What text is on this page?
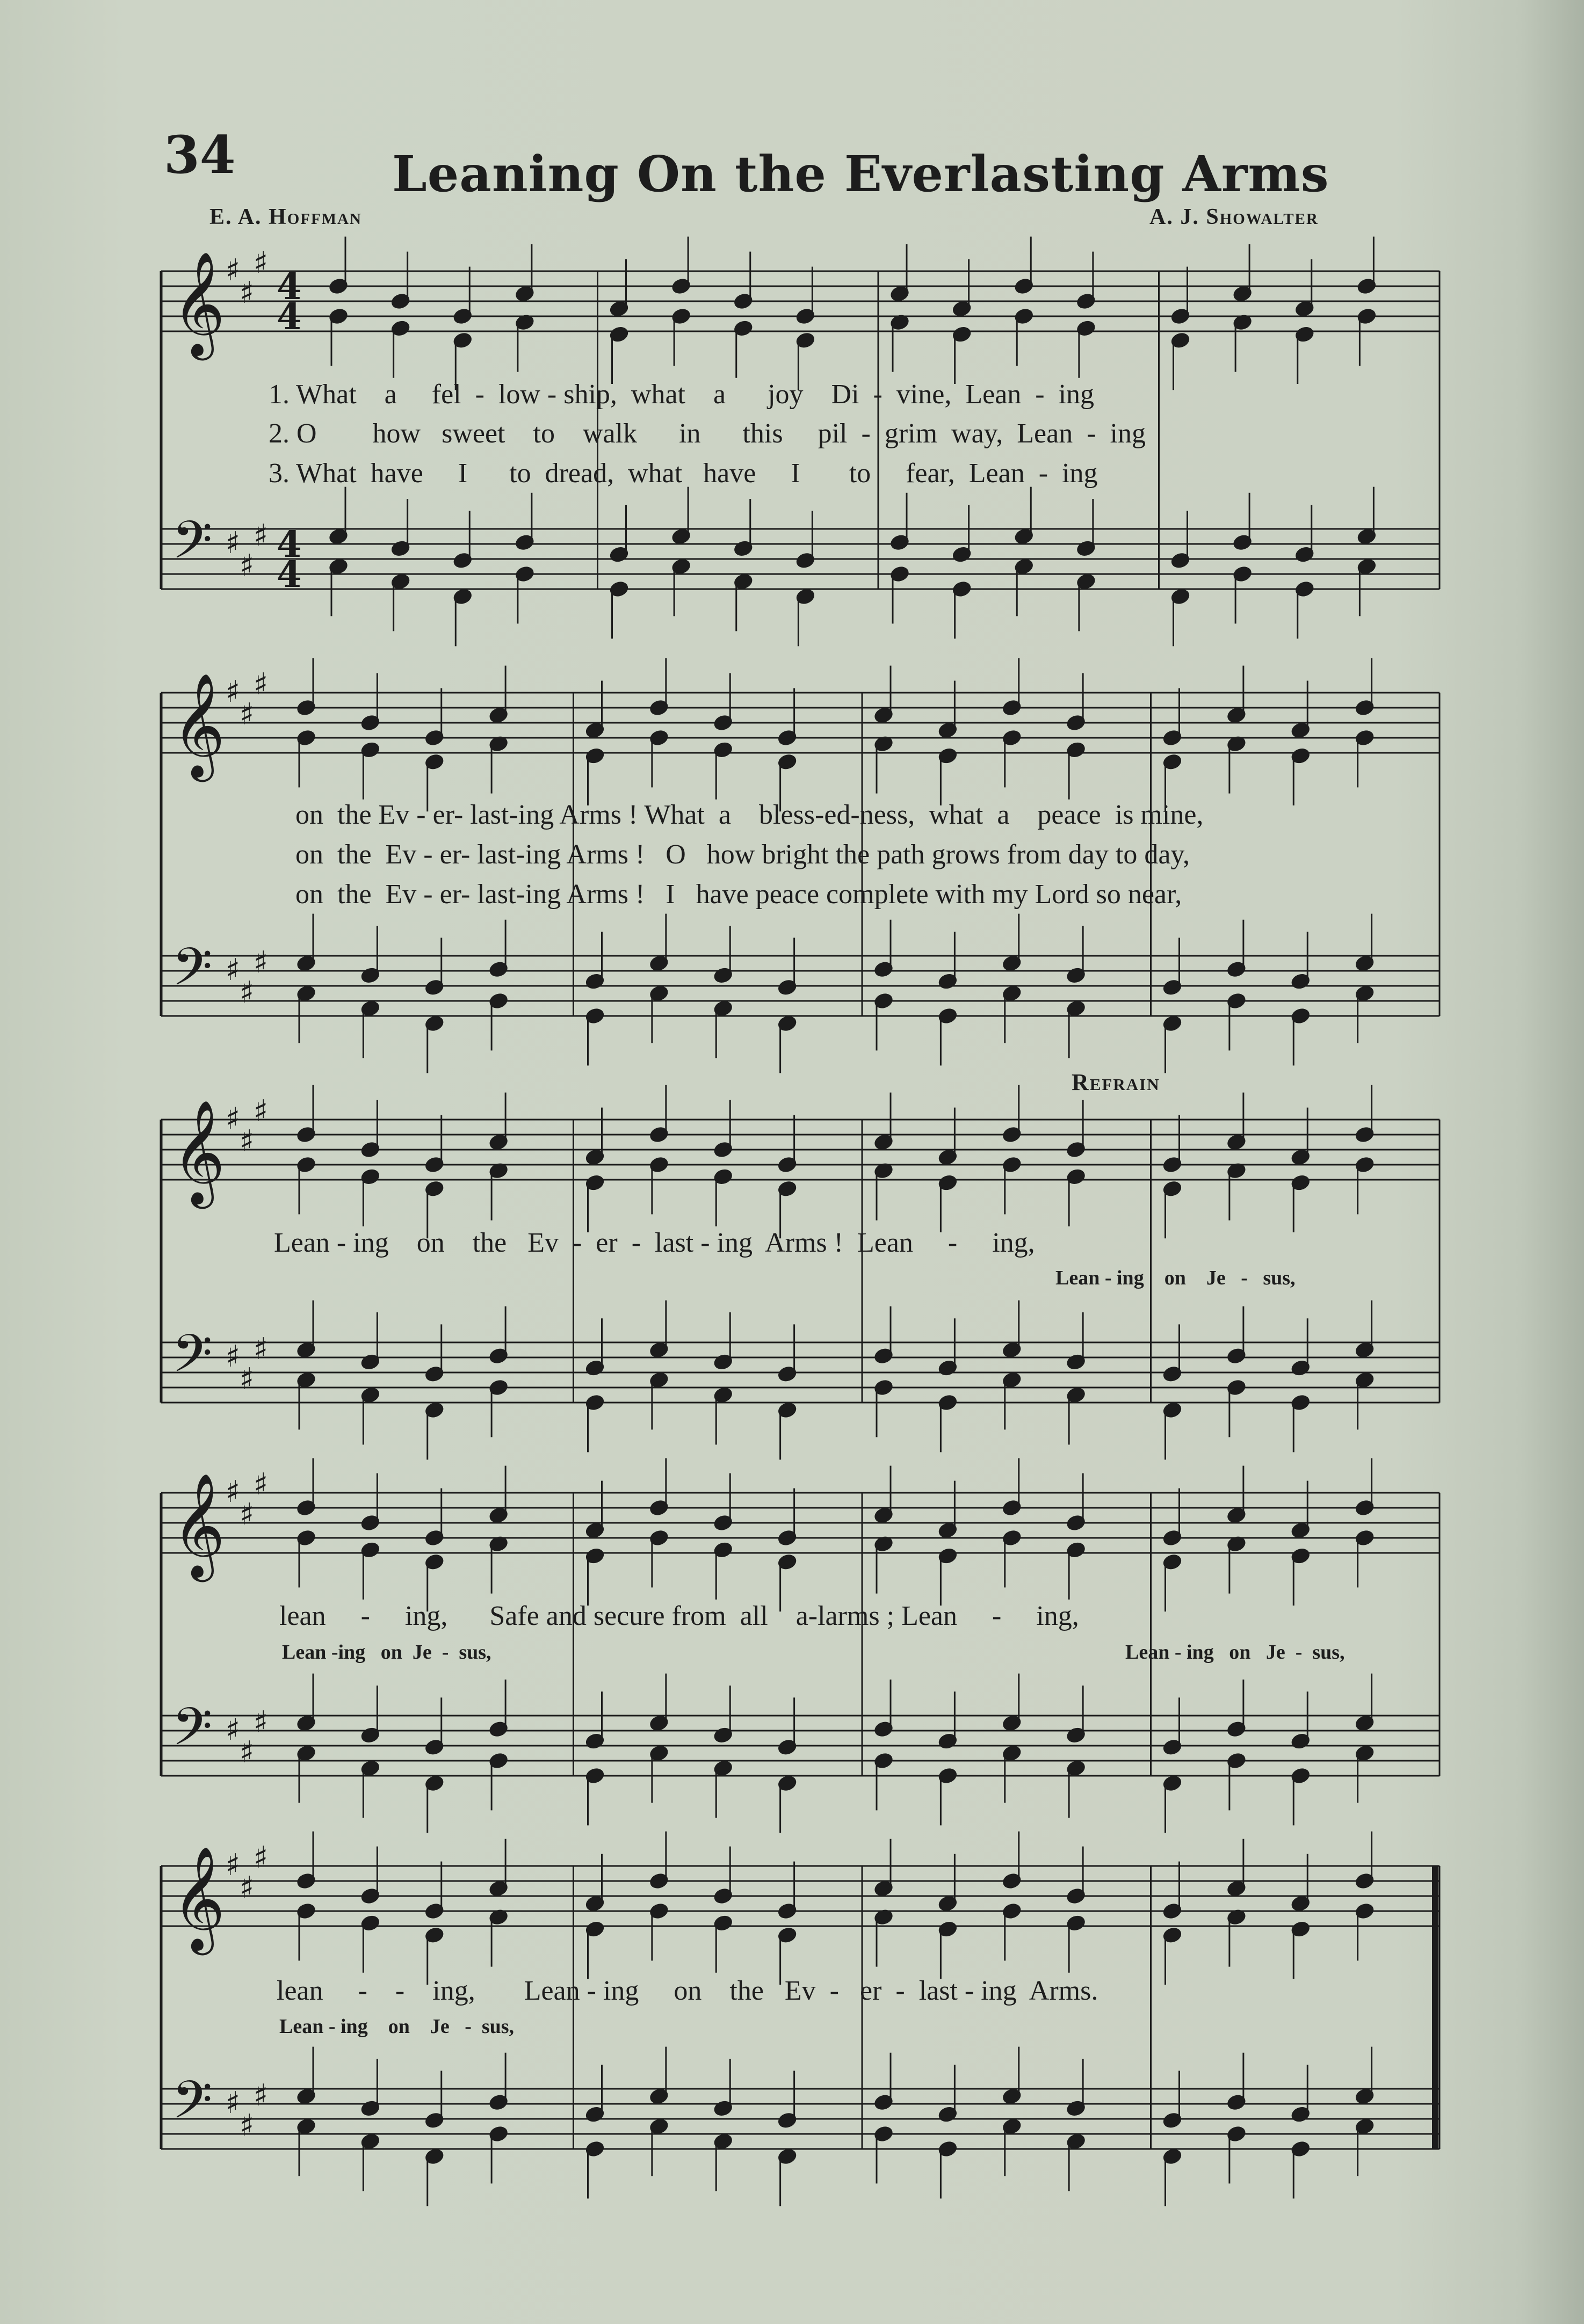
34	Leaning On the Everlasting Arms
E. A. Hoffman	A. J. Showalter
𝄞
𝄢
♯
♯
♯
♯
♯
♯
4
4
4
4
𝄞
𝄢
♯
♯
♯
♯
♯
♯
𝄞
𝄢
♯
♯
♯
♯
♯
♯
𝄞
𝄢
♯
♯
♯
♯
♯
♯
𝄞
𝄢
♯
♯
♯
♯
♯
♯
1. What    a     fel  -  low - ship,  what    a      joy    Di  -  vine,  Lean  -  ing
2. O        how   sweet    to    walk      in      this     pil  -  grim  way,  Lean  -  ing
3. What  have     I      to  dread,  what   have     I       to     fear,  Lean  -  ing
on  the Ev - er- last-ing Arms ! What  a    bless-ed-ness,  what  a    peace  is mine,
on  the  Ev - er- last-ing Arms !   O   how bright the path grows from day to day,
on  the  Ev - er- last-ing Arms !   I   have peace complete with my Lord so near,
Refrain
Lean - ing    on    the   Ev  -  er  -  last - ing  Arms !  Lean     -     ing,
Lean - ing    on    Je   -   sus,
lean     -     ing,      Safe and secure from  all    a-larms ; Lean     -     ing,
Lean -ing   on  Je  -  sus,	Lean - ing   on   Je  -  sus,
lean     -    -    ing,       Lean - ing     on    the   Ev  -   er  -  last - ing  Arms.
Lean - ing    on    Je   -  sus,
